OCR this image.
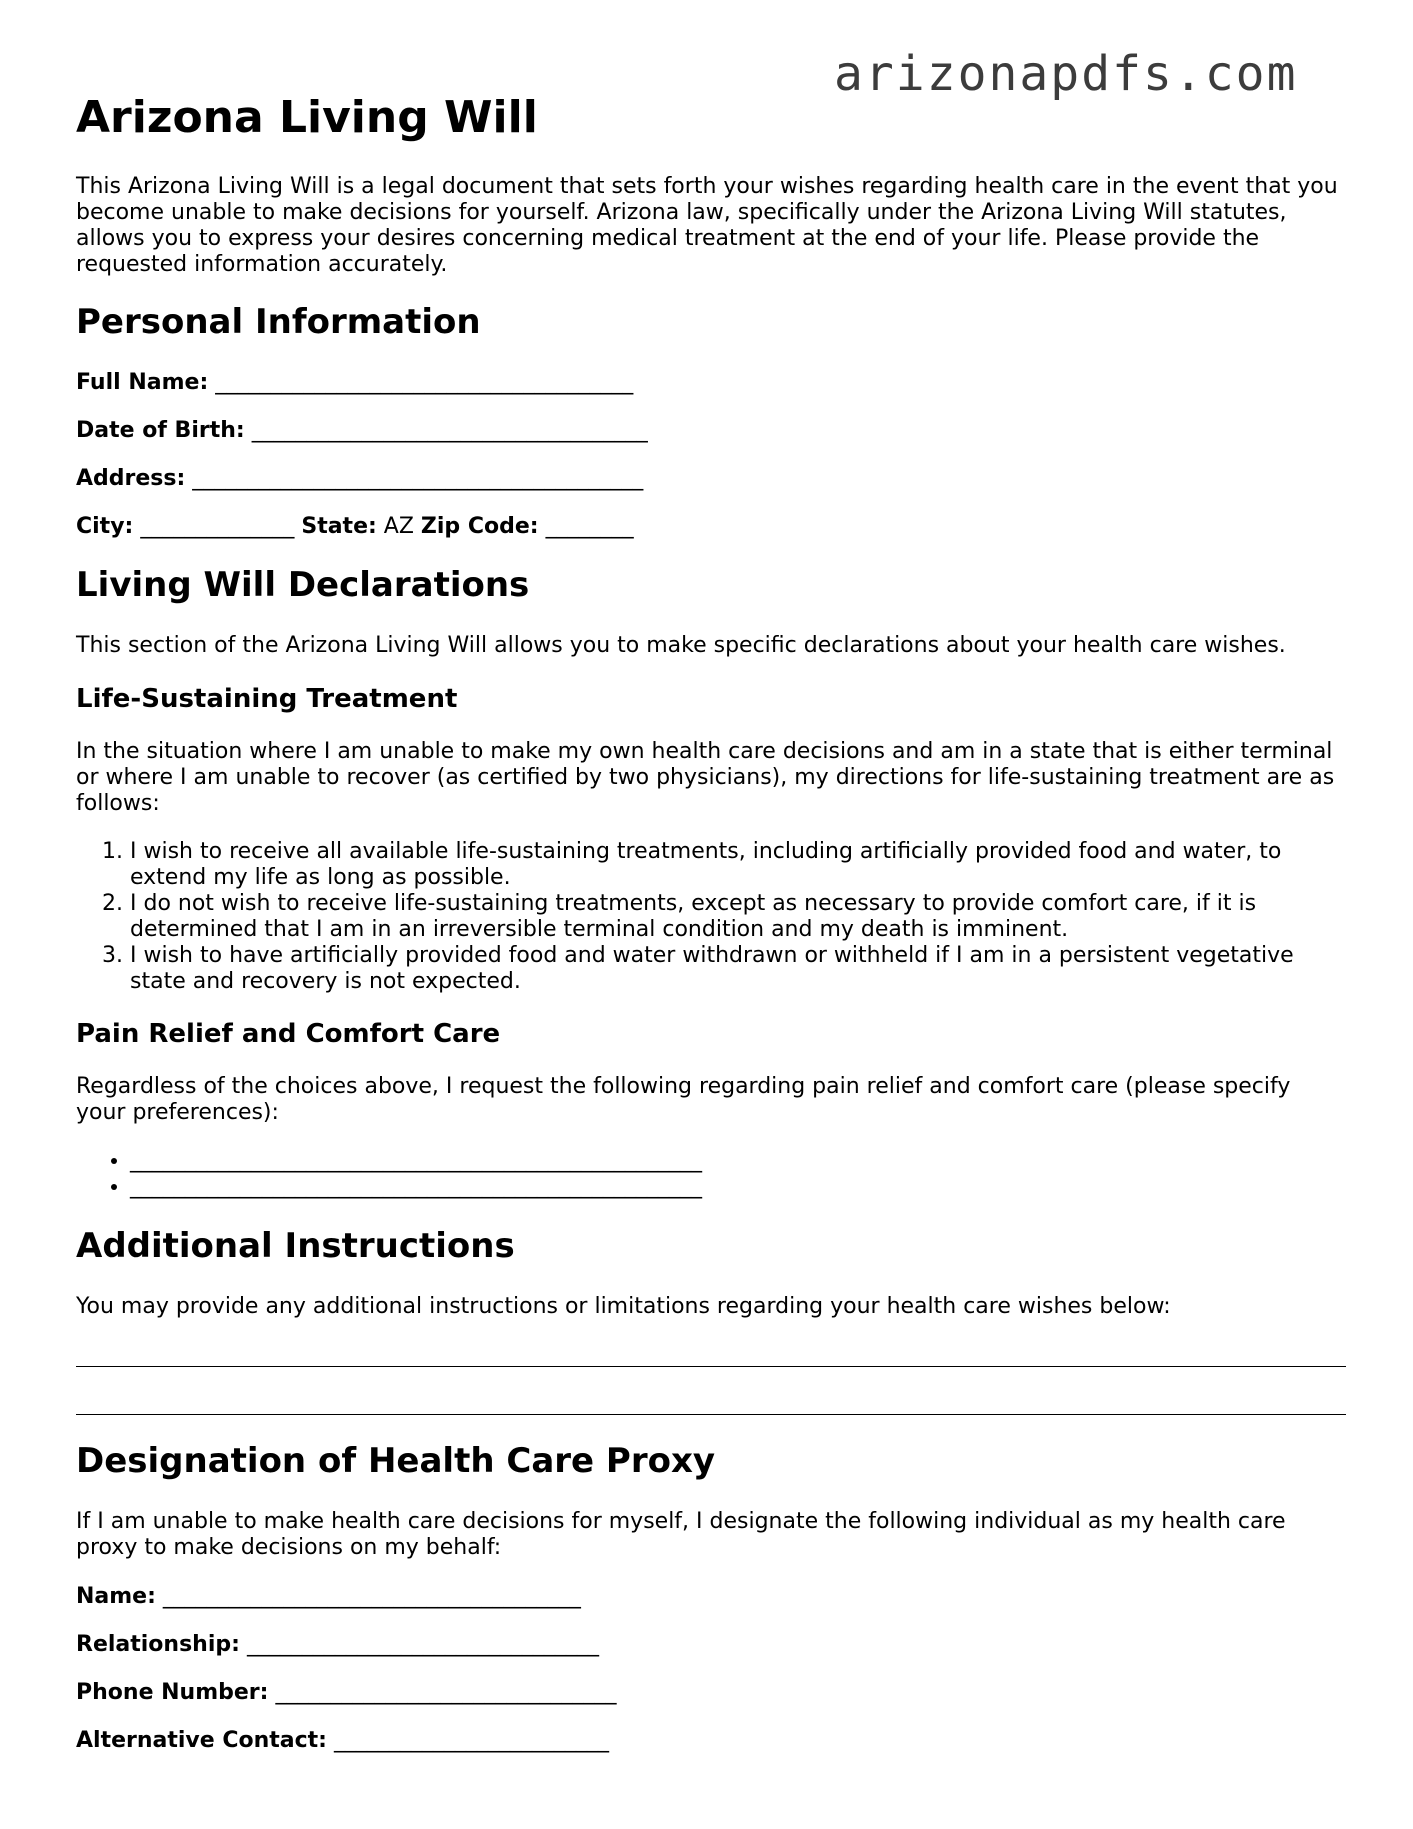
arizonapdfs.com
Arizona Living Will

This Arizona Living Will is a legal document that sets forth your wishes regarding health care in the event that you become unable to make decisions for yourself. Arizona law, specifically under the Arizona Living Will statutes, allows you to express your desires concerning medical treatment at the end of your life. Please provide the requested information accurately.

Personal Information
Full Name: ______________________________________
Date of Birth: ____________________________________
Address: _________________________________________
City: ______________ State: AZ Zip Code: ________
Living Will Declarations

This section of the Arizona Living Will allows you to make specific declarations about your health care wishes.

Life-Sustaining Treatment

In the situation where I am unable to make my own health care decisions and am in a state that is either terminal or where I am unable to recover (as certified by two physicians), my directions for life-sustaining treatment are as follows:

1. I wish to receive all available life-sustaining treatments, including artificially provided food and water, to extend my life as long as possible.
2. I do not wish to receive life-sustaining treatments, except as necessary to provide comfort care, if it is determined that I am in an irreversible terminal condition and my death is imminent.
3. I wish to have artificially provided food and water withdrawn or withheld if I am in a persistent vegetative state and recovery is not expected.
Pain Relief and Comfort Care

Regardless of the choices above, I request the following regarding pain relief and comfort care (please specify your preferences):

• ____________________________________________________
• ____________________________________________________
Additional Instructions

You may provide any additional instructions or limitations regarding your health care wishes below:

Designation of Health Care Proxy

If I am unable to make health care decisions for myself, I designate the following individual as my health care proxy to make decisions on my behalf:

Name: ______________________________________
Relationship: ________________________________
Phone Number: _______________________________
Alternative Contact: _________________________
